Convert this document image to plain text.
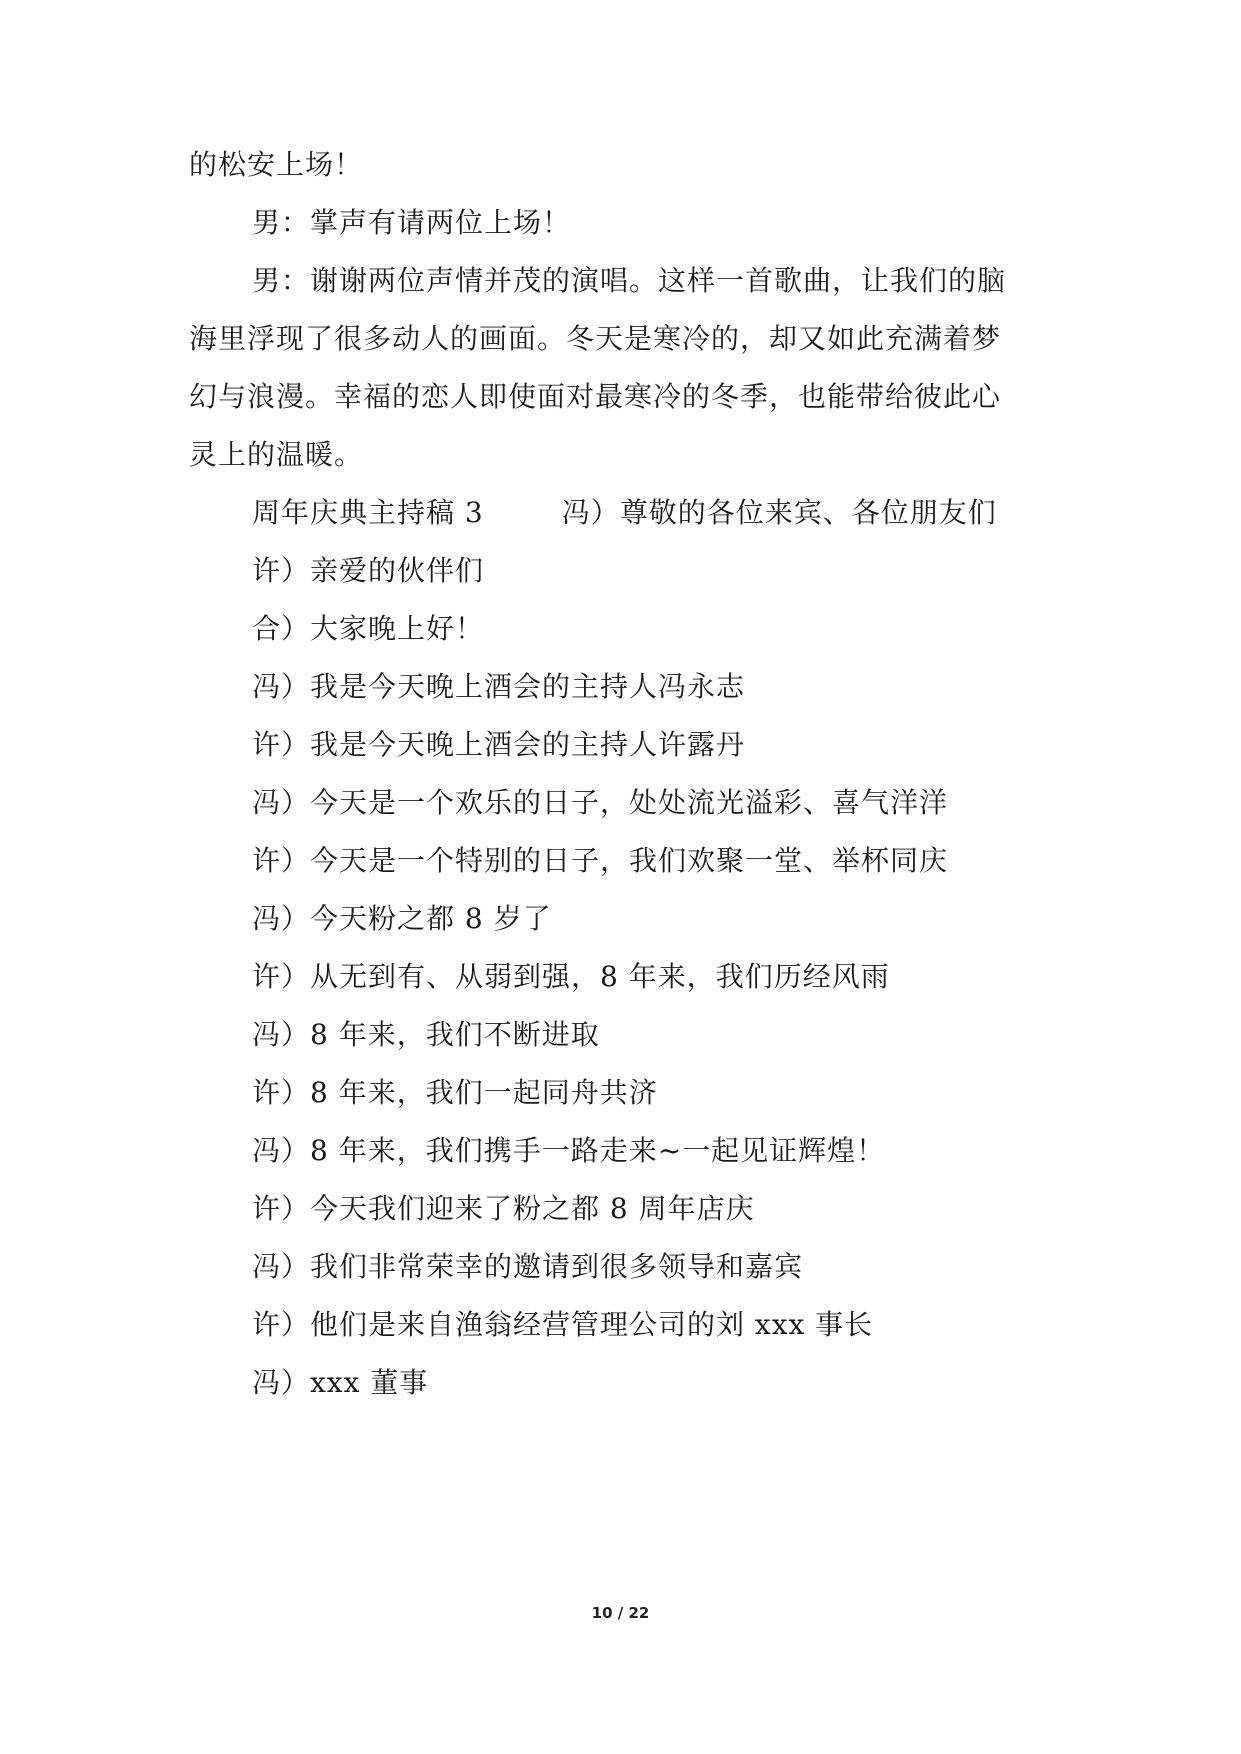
的松安上场！
男：掌声有请两位上场！
男：谢谢两位声情并茂的演唱。这样一首歌曲，让我们的脑
海里浮现了很多动人的画面。冬天是寒冷的，却又如此充满着梦
幻与浪漫。幸福的恋人即使面对最寒冷的冬季，也能带给彼此心
灵上的温暖。
周年庆典主持稿 3	冯）尊敬的各位来宾、各位朋友们
许）亲爱的伙伴们
合）大家晚上好！
冯）我是今天晚上酒会的主持人冯永志
许）我是今天晚上酒会的主持人许露丹
冯）今天是一个欢乐的日子，处处流光溢彩、喜气洋洋
许）今天是一个特别的日子，我们欢聚一堂、举杯同庆
冯）今天粉之都 8 岁了
许）从无到有、从弱到强，8 年来，我们历经风雨
冯）8 年来，我们不断进取
许）8 年来，我们一起同舟共济
冯）8 年来，我们携手一路走来~一起见证辉煌！
许）今天我们迎来了粉之都 8 周年店庆
冯）我们非常荣幸的邀请到很多领导和嘉宾
许）他们是来自渔翁经营管理公司的刘 xxx 事长
冯）xxx 董事
10 / 22
